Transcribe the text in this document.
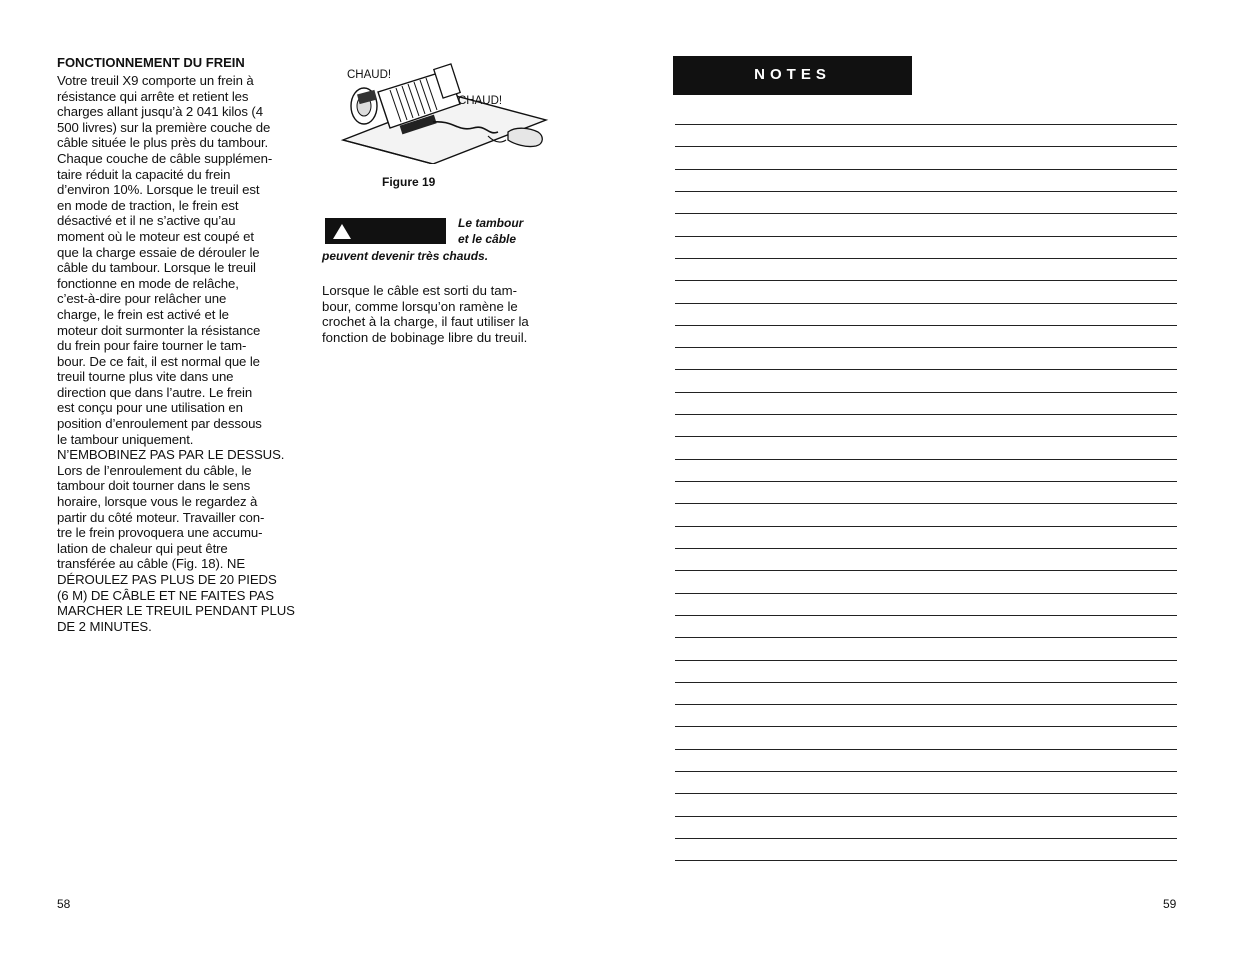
FONCTIONNEMENT DU FREIN

Votre treuil X9 comporte un frein à
résistance qui arrête et retient les
charges allant jusqu’à 2 041 kilos (4
500 livres) sur la première couche de
câble située le plus près du tambour.
Chaque couche de câble supplémen-
taire réduit la capacité du frein
d’environ 10%. Lorsque le treuil est
en mode de traction, le frein est
désactivé et il ne s’active qu’au
moment où le moteur est coupé et
que la charge essaie de dérouler le
câble du tambour. Lorsque le treuil
fonctionne en mode de relâche,
c’est-à-dire pour relâcher une
charge, le frein est activé et le
moteur doit surmonter la résistance
du frein pour faire tourner le tam-
bour. De ce fait, il est normal que le
treuil tourne plus vite dans une
direction que dans l’autre. Le frein
est conçu pour une utilisation en
position d’enroulement par dessous
le tambour uniquement.
N’EMBOBINEZ PAS PAR LE DESSUS.
Lors de l’enroulement du câble, le
tambour doit tourner dans le sens
horaire, lorsque vous le regardez à
partir du côté moteur. Travailler con-
tre le frein provoquera une accumu-
lation de chaleur qui peut être
transférée au câble (Fig. 18). NE
DÉROULEZ PAS PLUS DE 20 PIEDS
(6 M) DE CÂBLE ET NE FAITES PAS
MARCHER LE TREUIL PENDANT PLUS
DE 2 MINUTES.

CHAUD!
CHAUD!
Figure 19
Le tambour
et le câble
peuvent devenir très chauds.

Lorsque le câble est sorti du tam-
bour, comme lorsqu’on ramène le
crochet à la charge, il faut utiliser la
fonction de bobinage libre du treuil.

58
NOTES
59
